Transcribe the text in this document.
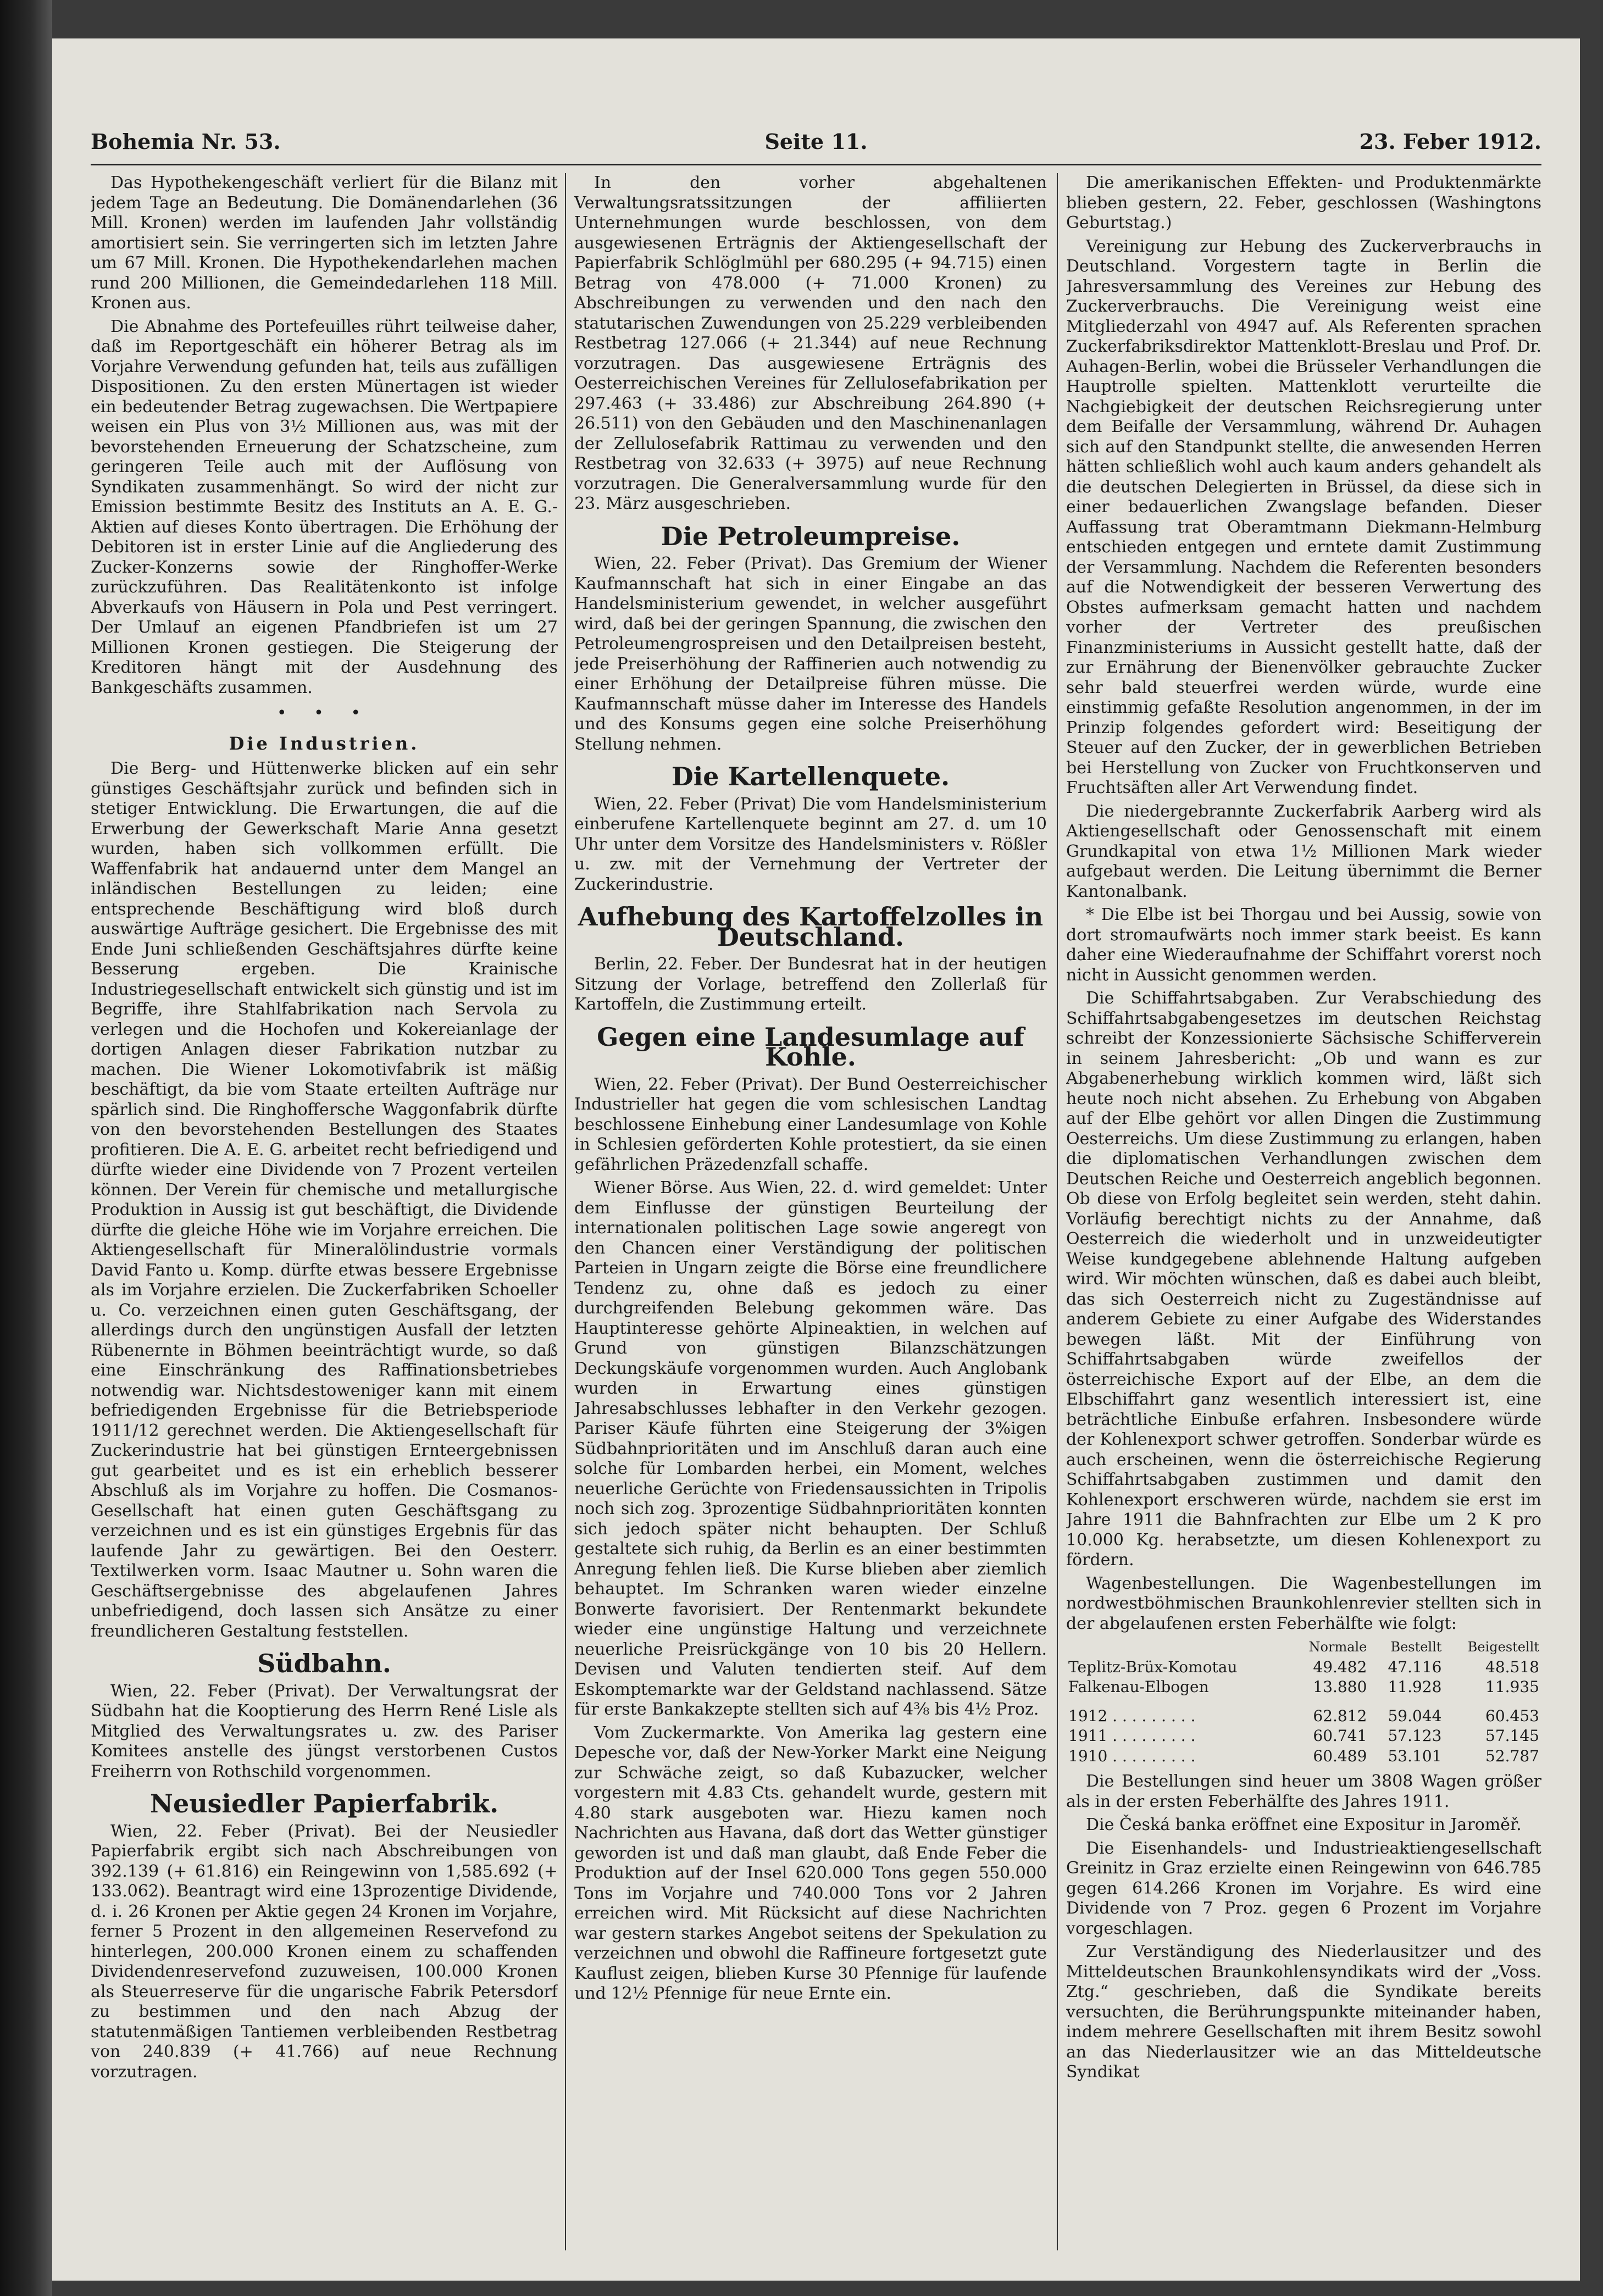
Bohemia Nr. 53.	Seite 11.	23. Feber 1912.

Das Hypothekengeschäft verliert für die Bilanz mit jedem Tage an Bedeutung. Die Domänendarlehen (36 Mill. Kronen) werden im laufenden Jahr vollständig amortisiert sein. Sie verringerten sich im letzten Jahre um 67 Mill. Kronen. Die Hypothekendarlehen machen rund 200 Millionen, die Gemeindedarlehen 118 Mill. Kronen aus.

Die Abnahme des Portefeuilles rührt teilweise daher, daß im Reportgeschäft ein höherer Betrag als im Vorjahre Verwendung gefunden hat, teils aus zufälligen Dispositionen. Zu den ersten Münertagen ist wieder ein bedeutender Betrag zugewachsen. Die Wertpapiere weisen ein Plus von 3½ Millionen aus, was mit der bevorstehenden Erneuerung der Schatzscheine, zum geringeren Teile auch mit der Auflösung von Syndikaten zusammenhängt. So wird der nicht zur Emission bestimmte Besitz des Instituts an A. E. G.-Aktien auf dieses Konto übertragen. Die Erhöhung der Debitoren ist in erster Linie auf die Angliederung des Zucker-Konzerns sowie der Ringhoffer-Werke zurückzuführen. Das Realitätenkonto ist infolge Abverkaufs von Häusern in Pola und Pest verringert. Der Umlauf an eigenen Pfandbriefen ist um 27 Millionen Kronen gestiegen. Die Steigerung der Kreditoren hängt mit der Ausdehnung des Bankgeschäfts zusammen.

• • •
Die Industrien.

Die Berg- und Hüttenwerke blicken auf ein sehr günstiges Geschäftsjahr zurück und befinden sich in stetiger Entwicklung. Die Erwartungen, die auf die Erwerbung der Gewerkschaft Marie Anna gesetzt wurden, haben sich vollkommen erfüllt. Die Waffenfabrik hat andauernd unter dem Mangel an inländischen Bestellungen zu leiden; eine entsprechende Beschäftigung wird bloß durch auswärtige Aufträge gesichert. Die Ergebnisse des mit Ende Juni schließenden Geschäftsjahres dürfte keine Besserung ergeben. Die Krainische Industriegesellschaft entwickelt sich günstig und ist im Begriffe, ihre Stahlfabrikation nach Servola zu verlegen und die Hochofen und Kokereianlage der dortigen Anlagen dieser Fabrikation nutzbar zu machen. Die Wiener Lokomotivfabrik ist mäßig beschäftigt, da bie vom Staate erteilten Aufträge nur spärlich sind. Die Ringhoffersche Waggonfabrik dürfte von den bevorstehenden Bestellungen des Staates profitieren. Die A. E. G. arbeitet recht befriedigend und dürfte wieder eine Dividende von 7 Prozent verteilen können. Der Verein für chemische und metallurgische Produktion in Aussig ist gut beschäftigt, die Dividende dürfte die gleiche Höhe wie im Vorjahre erreichen. Die Aktiengesellschaft für Mineralölindustrie vormals David Fanto u. Komp. dürfte etwas bessere Ergebnisse als im Vorjahre erzielen. Die Zuckerfabriken Schoeller u. Co. verzeichnen einen guten Geschäftsgang, der allerdings durch den ungünstigen Ausfall der letzten Rübenernte in Böhmen beeinträchtigt wurde, so daß eine Einschränkung des Raffinationsbetriebes notwendig war. Nichtsdestoweniger kann mit einem befriedigenden Ergebnisse für die Betriebsperiode 1911/12 gerechnet werden. Die Aktiengesellschaft für Zuckerindustrie hat bei günstigen Ernteergebnissen gut gearbeitet und es ist ein erheblich besserer Abschluß als im Vorjahre zu hoffen. Die Cosmanos-Gesellschaft hat einen guten Geschäftsgang zu verzeichnen und es ist ein günstiges Ergebnis für das laufende Jahr zu gewärtigen. Bei den Oesterr. Textilwerken vorm. Isaac Mautner u. Sohn waren die Geschäftsergebnisse des abgelaufenen Jahres unbefriedigend, doch lassen sich Ansätze zu einer freundlicheren Gestaltung feststellen.

Südbahn.

Wien, 22. Feber (Privat). Der Verwaltungsrat der Südbahn hat die Kooptierung des Herrn René Lisle als Mitglied des Verwaltungsrates u. zw. des Pariser Komitees anstelle des jüngst verstorbenen Custos Freiherrn von Rothschild vorgenommen.

Neusiedler Papierfabrik.

Wien, 22. Feber (Privat). Bei der Neusiedler Papierfabrik ergibt sich nach Abschreibungen von 392.139 (+ 61.816) ein Reingewinn von 1,585.692 (+ 133.062). Beantragt wird eine 13prozentige Dividende, d. i. 26 Kronen per Aktie gegen 24 Kronen im Vorjahre, ferner 5 Prozent in den allgemeinen Reservefond zu hinterlegen, 200.000 Kronen einem zu schaffenden Dividendenreservefond zuzuweisen, 100.000 Kronen als Steuerreserve für die ungarische Fabrik Petersdorf zu bestimmen und den nach Abzug der statutenmäßigen Tantiemen verbleibenden Restbetrag von 240.839 (+ 41.766) auf neue Rechnung vorzutragen.

In den vorher abgehaltenen Verwaltungsratssitzungen der affiliierten Unternehmungen wurde beschlossen, von dem ausgewiesenen Erträgnis der Aktiengesellschaft der Papierfabrik Schlöglmühl per 680.295 (+ 94.715) einen Betrag von 478.000 (+ 71.000 Kronen) zu Abschreibungen zu verwenden und den nach den statutarischen Zuwendungen von 25.229 verbleibenden Restbetrag 127.066 (+ 21.344) auf neue Rechnung vorzutragen. Das ausgewiesene Erträgnis des Oesterreichischen Vereines für Zellulosefabrikation per 297.463 (+ 33.486) zur Abschreibung 264.890 (+ 26.511) von den Gebäuden und den Maschinenanlagen der Zellulosefabrik Rattimau zu verwenden und den Restbetrag von 32.633 (+ 3975) auf neue Rechnung vorzutragen. Die Generalversammlung wurde für den 23. März ausgeschrieben.

Die Petroleumpreise.

Wien, 22. Feber (Privat). Das Gremium der Wiener Kaufmannschaft hat sich in einer Eingabe an das Handelsministerium gewendet, in welcher ausgeführt wird, daß bei der geringen Spannung, die zwischen den Petroleumengrospreisen und den Detailpreisen besteht, jede Preiserhöhung der Raffinerien auch notwendig zu einer Erhöhung der Detailpreise führen müsse. Die Kaufmannschaft müsse daher im Interesse des Handels und des Konsums gegen eine solche Preiserhöhung Stellung nehmen.

Die Kartellenquete.

Wien, 22. Feber (Privat) Die vom Handelsministerium einberufene Kartellenquete beginnt am 27. d. um 10 Uhr unter dem Vorsitze des Handelsministers v. Rößler u. zw. mit der Vernehmung der Vertreter der Zuckerindustrie.

Aufhebung des Kartoffelzolles in Deutschland.

Berlin, 22. Feber. Der Bundesrat hat in der heutigen Sitzung der Vorlage, betreffend den Zollerlaß für Kartoffeln, die Zustimmung erteilt.

Gegen eine Landesumlage auf Kohle.

Wien, 22. Feber (Privat). Der Bund Oesterreichischer Industrieller hat gegen die vom schlesischen Landtag beschlossene Einhebung einer Landesumlage von Kohle in Schlesien geförderten Kohle protestiert, da sie einen gefährlichen Präzedenzfall schaffe.

Wiener Börse. Aus Wien, 22. d. wird gemeldet: Unter dem Einflusse der günstigen Beurteilung der internationalen politischen Lage sowie angeregt von den Chancen einer Verständigung der politischen Parteien in Ungarn zeigte die Börse eine freundlichere Tendenz zu, ohne daß es jedoch zu einer durchgreifenden Belebung gekommen wäre. Das Hauptinteresse gehörte Alpineaktien, in welchen auf Grund von günstigen Bilanzschätzungen Deckungskäufe vorgenommen wurden. Auch Anglobank wurden in Erwartung eines günstigen Jahresabschlusses lebhafter in den Verkehr gezogen. Pariser Käufe führten eine Steigerung der 3%igen Südbahnprioritäten und im Anschluß daran auch eine solche für Lombarden herbei, ein Moment, welches neuerliche Gerüchte von Friedensaussichten in Tripolis noch sich zog. 3prozentige Südbahnprioritäten konnten sich jedoch später nicht behaupten. Der Schluß gestaltete sich ruhig, da Berlin es an einer bestimmten Anregung fehlen ließ. Die Kurse blieben aber ziemlich behauptet. Im Schranken waren wieder einzelne Bonwerte favorisiert. Der Rentenmarkt bekundete wieder eine ungünstige Haltung und verzeichnete neuerliche Preisrückgänge von 10 bis 20 Hellern. Devisen und Valuten tendierten steif. Auf dem Eskomptemarkte war der Geldstand nachlassend. Sätze für erste Bankakzepte stellten sich auf 4⅜ bis 4½ Proz.

Vom Zuckermarkte. Von Amerika lag gestern eine Depesche vor, daß der New-Yorker Markt eine Neigung zur Schwäche zeigt, so daß Kubazucker, welcher vorgestern mit 4.83 Cts. gehandelt wurde, gestern mit 4.80 stark ausgeboten war. Hiezu kamen noch Nachrichten aus Havana, daß dort das Wetter günstiger geworden ist und daß man glaubt, daß Ende Feber die Produktion auf der Insel 620.000 Tons gegen 550.000 Tons im Vorjahre und 740.000 Tons vor 2 Jahren erreichen wird. Mit Rücksicht auf diese Nachrichten war gestern starkes Angebot seitens der Spekulation zu verzeichnen und obwohl die Raffineure fortgesetzt gute Kauflust zeigen, blieben Kurse 30 Pfennige für laufende und 12½ Pfennige für neue Ernte ein.

Die amerikanischen Effekten- und Produktenmärkte blieben gestern, 22. Feber, geschlossen (Washingtons Geburtstag.)

Vereinigung zur Hebung des Zuckerverbrauchs in Deutschland. Vorgestern tagte in Berlin die Jahresversammlung des Vereines zur Hebung des Zuckerverbrauchs. Die Vereinigung weist eine Mitgliederzahl von 4947 auf. Als Referenten sprachen Zuckerfabriksdirektor Mattenklott-Breslau und Prof. Dr. Auhagen-Berlin, wobei die Brüsseler Verhandlungen die Hauptrolle spielten. Mattenklott verurteilte die Nachgiebigkeit der deutschen Reichsregierung unter dem Beifalle der Versammlung, während Dr. Auhagen sich auf den Standpunkt stellte, die anwesenden Herren hätten schließlich wohl auch kaum anders gehandelt als die deutschen Delegierten in Brüssel, da diese sich in einer bedauerlichen Zwangslage befanden. Dieser Auffassung trat Oberamtmann Diekmann-Helmburg entschieden entgegen und erntete damit Zustimmung der Versammlung. Nachdem die Referenten besonders auf die Notwendigkeit der besseren Verwertung des Obstes aufmerksam gemacht hatten und nachdem vorher der Vertreter des preußischen Finanzministeriums in Aussicht gestellt hatte, daß der zur Ernährung der Bienenvölker gebrauchte Zucker sehr bald steuerfrei werden würde, wurde eine einstimmig gefaßte Resolution angenommen, in der im Prinzip folgendes gefordert wird: Beseitigung der Steuer auf den Zucker, der in gewerblichen Betrieben bei Herstellung von Zucker von Fruchtkonserven und Fruchtsäften aller Art Verwendung findet.

Die niedergebrannte Zuckerfabrik Aarberg wird als Aktiengesellschaft oder Genossenschaft mit einem Grundkapital von etwa 1½ Millionen Mark wieder aufgebaut werden. Die Leitung übernimmt die Berner Kantonalbank.

* Die Elbe ist bei Thorgau und bei Aussig, sowie von dort stromaufwärts noch immer stark beeist. Es kann daher eine Wiederaufnahme der Schiffahrt vorerst noch nicht in Aussicht genommen werden.

Die Schiffahrtsabgaben. Zur Verabschiedung des Schiffahrtsabgabengesetzes im deutschen Reichstag schreibt der Konzessionierte Sächsische Schifferverein in seinem Jahresbericht: „Ob und wann es zur Abgabenerhebung wirklich kommen wird, läßt sich heute noch nicht absehen. Zu Erhebung von Abgaben auf der Elbe gehört vor allen Dingen die Zustimmung Oesterreichs. Um diese Zustimmung zu erlangen, haben die diplomatischen Verhandlungen zwischen dem Deutschen Reiche und Oesterreich angeblich begonnen. Ob diese von Erfolg begleitet sein werden, steht dahin. Vorläufig berechtigt nichts zu der Annahme, daß Oesterreich die wiederholt und in unzweideutigter Weise kundgegebene ablehnende Haltung aufgeben wird. Wir möchten wünschen, daß es dabei auch bleibt, das sich Oesterreich nicht zu Zugeständnisse auf anderem Gebiete zu einer Aufgabe des Widerstandes bewegen läßt. Mit der Einführung von Schiffahrtsabgaben würde zweifellos der österreichische Export auf der Elbe, an dem die Elbschiffahrt ganz wesentlich interessiert ist, eine beträchtliche Einbuße erfahren. Insbesondere würde der Kohlenexport schwer getroffen. Sonderbar würde es auch erscheinen, wenn die österreichische Regierung Schiffahrtsabgaben zustimmen und damit den Kohlenexport erschweren würde, nachdem sie erst im Jahre 1911 die Bahnfrachten zur Elbe um 2 K pro 10.000 Kg. herabsetzte, um diesen Kohlenexport zu fördern.

Wagenbestellungen. Die Wagenbestellungen im nordwestböhmischen Braunkohlenrevier stellten sich in der abgelaufenen ersten Feberhälfte wie folgt:

	Normale	Bestellt	Beigestellt
Teplitz-Brüx-Komotau	49.482	47.116	48.518
Falkenau-Elbogen	13.880	11.928	11.935

1912 . . . . . . . . .	62.812	59.044	60.453
1911 . . . . . . . . .	60.741	57.123	57.145
1910 . . . . . . . . .	60.489	53.101	52.787

Die Bestellungen sind heuer um 3808 Wagen größer als in der ersten Feberhälfte des Jahres 1911.

Die Česká banka eröffnet eine Expositur in Jaroměř.

Die Eisenhandels- und Industrieaktiengesellschaft Greinitz in Graz erzielte einen Reingewinn von 646.785 gegen 614.266 Kronen im Vorjahre. Es wird eine Dividende von 7 Proz. gegen 6 Prozent im Vorjahre vorgeschlagen.

Zur Verständigung des Niederlausitzer und des Mitteldeutschen Braunkohlensyndikats wird der „Voss. Ztg.“ geschrieben, daß die Syndikate bereits versuchten, die Berührungspunkte miteinander haben, indem mehrere Gesellschaften mit ihrem Besitz sowohl an das Niederlausitzer wie an das Mitteldeutsche Syndikat
